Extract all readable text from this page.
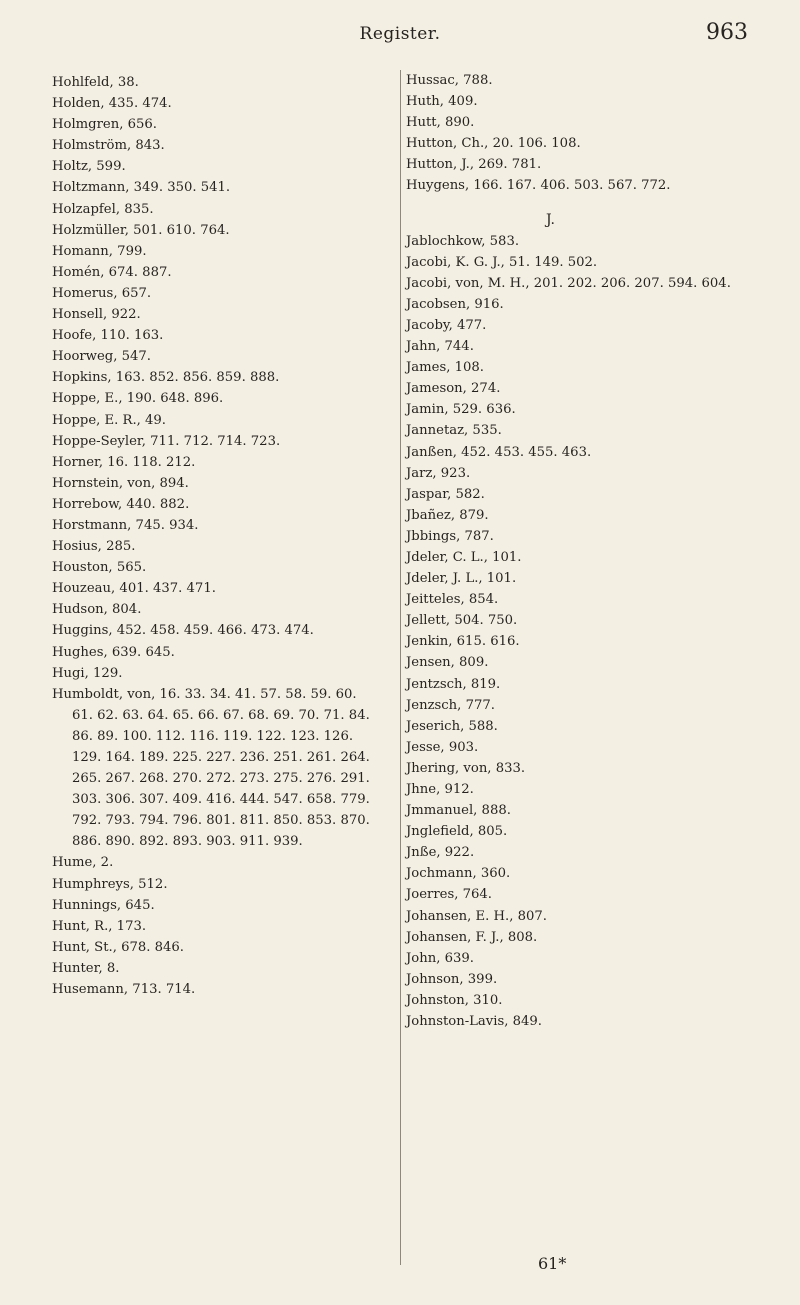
Register.	963
Hohlfeld, 38.
Holden, 435. 474.
Holmgren, 656.
Holmström, 843.
Holtz, 599.
Holtzmann, 349. 350. 541.
Holzapfel, 835.
Holzmüller, 501. 610. 764.
Homann, 799.
Homén, 674. 887.
Homerus, 657.
Honsell, 922.
Hoofe, 110. 163.
Hoorweg, 547.
Hopkins, 163. 852. 856. 859. 888.
Hoppe, E., 190. 648. 896.
Hoppe, E. R., 49.
Hoppe-Seyler, 711. 712. 714. 723.
Horner, 16. 118. 212.
Hornstein, von, 894.
Horrebow, 440. 882.
Horstmann, 745. 934.
Hosius, 285.
Houston, 565.
Houzeau, 401. 437. 471.
Hudson, 804.
Huggins, 452. 458. 459. 466. 473. 474.
Hughes, 639. 645.
Hugi, 129.
Humboldt, von, 16. 33. 34. 41. 57. 58. 59. 60. 61. 62. 63. 64. 65. 66. 67. 68. 69. 70. 71. 84. 86. 89. 100. 112. 116. 119. 122. 123. 126. 129. 164. 189. 225. 227. 236. 251. 261. 264. 265. 267. 268. 270. 272. 273. 275. 276. 291. 303. 306. 307. 409. 416. 444. 547. 658. 779. 792. 793. 794. 796. 801. 811. 850. 853. 870. 886. 890. 892. 893. 903. 911. 939.
Hume, 2.
Humphreys, 512.
Hunnings, 645.
Hunt, R., 173.
Hunt, St., 678. 846.
Hunter, 8.
Husemann, 713. 714.
Hussac, 788.
Huth, 409.
Hutt, 890.
Hutton, Ch., 20. 106. 108.
Hutton, J., 269. 781.
Huygens, 166. 167. 406. 503. 567. 772.
J.
Jablochkow, 583.
Jacobi, K. G. J., 51. 149. 502.
Jacobi, von, M. H., 201. 202. 206. 207. 594. 604.
Jacobsen, 916.
Jacoby, 477.
Jahn, 744.
James, 108.
Jameson, 274.
Jamin, 529. 636.
Jannetaz, 535.
Janßen, 452. 453. 455. 463.
Jarz, 923.
Jaspar, 582.
Jbañez, 879.
Jbbings, 787.
Jdeler, C. L., 101.
Jdeler, J. L., 101.
Jeitteles, 854.
Jellett, 504. 750.
Jenkin, 615. 616.
Jensen, 809.
Jentzsch, 819.
Jenzsch, 777.
Jeserich, 588.
Jesse, 903.
Jhering, von, 833.
Jhne, 912.
Jmmanuel, 888.
Jnglefield, 805.
Jnße, 922.
Jochmann, 360.
Joerres, 764.
Johansen, E. H., 807.
Johansen, F. J., 808.
John, 639.
Johnson, 399.
Johnston, 310.
Johnston-Lavis, 849.
61*
